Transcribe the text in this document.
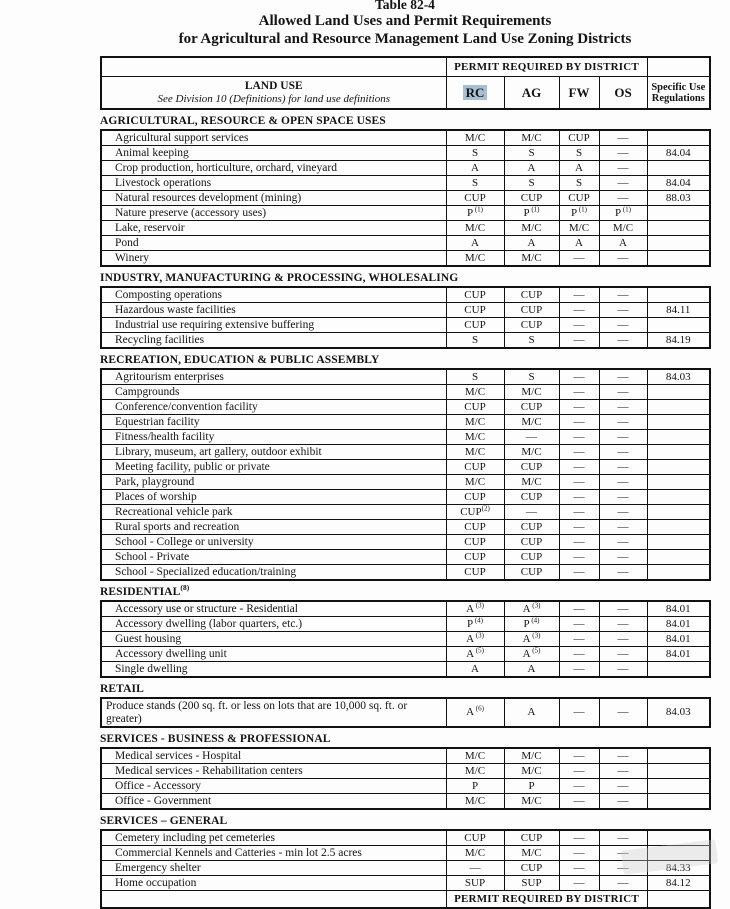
Table 82-4
Allowed Land Uses and Permit Requirements
for Agricultural and Resource Management Land Use Zoning Districts
	PERMIT REQUIRED BY DISTRICT				

LAND USE
See Division 10 (Definitions) for land use definitions	RC	AG	FW	OS	Specific Use Regulations
AGRICULTURAL, RESOURCE & OPEN SPACE USES
Agricultural support services	M/C	M/C	CUP	—	
Animal keeping	S	S	S	—	84.04
Crop production, horticulture, orchard, vineyard	A	A	A	—	
Livestock operations	S	S	S	—	84.04
Natural resources development (mining)	CUP	CUP	CUP	—	88.03
Nature preserve (accessory uses)	P $^{(1)}$	P $^{(1)}$	P $^{(1)}$	P $^{(1)}$	
Lake, reservoir	M/C	M/C	M/C	M/C	
Pond	A	A	A	A	
Winery	M/C	M/C	—	—	
INDUSTRY, MANUFACTURING & PROCESSING, WHOLESALING
Composting operations	CUP	CUP	—	—	
Hazardous waste facilities	CUP	CUP	—	—	84.11
Industrial use requiring extensive buffering	CUP	CUP	—	—	
Recycling facilities	S	S	—	—	84.19
RECREATION, EDUCATION & PUBLIC ASSEMBLY
Agritourism enterprises	S	S	—	—	84.03
Campgrounds	M/C	M/C	—	—	
Conference/convention facility	CUP	CUP	—	—	
Equestrian facility	M/C	M/C	—	—	
Fitness/health facility	M/C	—	—	—	
Library, museum, art gallery, outdoor exhibit	M/C	M/C	—	—	
Meeting facility, public or private	CUP	CUP	—	—	
Park, playground	M/C	M/C	—	—	
Places of worship	CUP	CUP	—	—	
Recreational vehicle park	CUP$^{(2)}$	—	—	—	
Rural sports and recreation	CUP	CUP	—	—	
School - College or university	CUP	CUP	—	—	
School - Private	CUP	CUP	—	—	
School - Specialized education/training	CUP	CUP	—	—	
RESIDENTIAL$^{(8)}$
Accessory use or structure - Residential	A $^{(3)}$	A $^{(3)}$	—	—	84.01
Accessory dwelling (labor quarters, etc.)	P $^{(4)}$	P $^{(4)}$	—	—	84.01
Guest housing	A $^{(3)}$	A $^{(3)}$	—	—	84.01
Accessory dwelling unit	A $^{(5)}$	A $^{(5)}$	—	—	84.01
Single dwelling	A	A	—	—	
RETAIL
Produce stands (200 sq. ft. or less on lots that are 10,000 sq. ft. or greater)	A $^{(6)}$	A	—	—	84.03
SERVICES - BUSINESS & PROFESSIONAL
Medical services - Hospital	M/C	M/C	—	—	
Medical services - Rehabilitation centers	M/C	M/C	—	—	
Office - Accessory	P	P	—	—	
Office - Government	M/C	M/C	—	—	
SERVICES – GENERAL
Cemetery including pet cemeteries	CUP	CUP	—	—	
Commercial Kennels and Catteries - min lot 2.5 acres	M/C	M/C	—	—	
Emergency shelter	—	CUP	—	—	84.33
Home occupation	SUP	SUP	—	—	84.12
	PERMIT REQUIRED BY DISTRICT				
